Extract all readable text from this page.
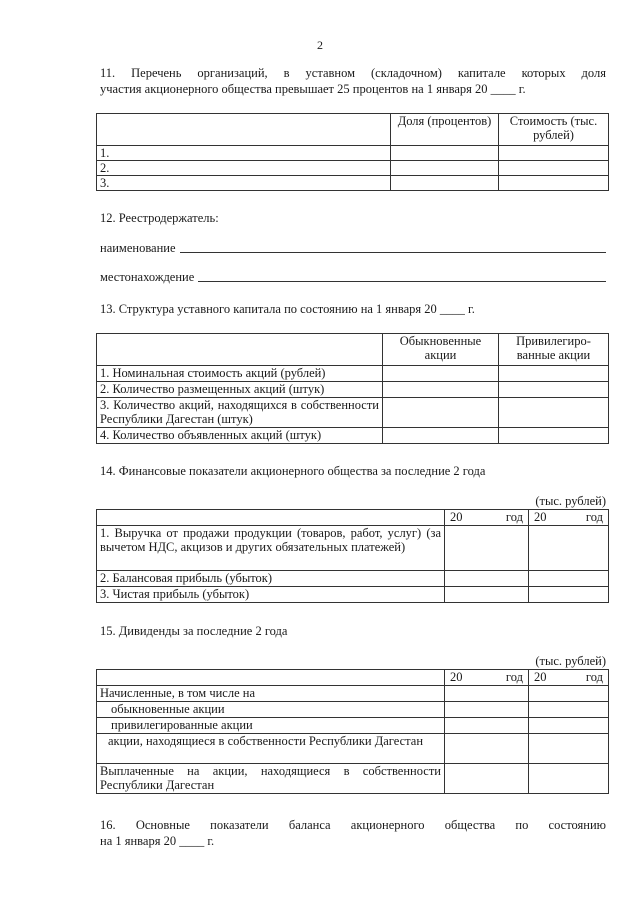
2
11. Перечень организаций, в уставном (складочном) капитале которых доля
участия акционерного общества превышает 25 процентов на 1 января 20 ____ г.
	Доля (процентов)	Стоимость (тыс. рублей)
1.		
2.		
3.		
12. Реестродержатель:
наименование
местонахождение
13. Структура уставного капитала по состоянию на 1 января 20 ____ г.
	Обыкновенные акции	Привилегиро-ванные акции
1. Номинальная стоимость акций (рублей)		
2. Количество размещенных акций (штук)		
3. Количество акций, находящихся в собственности Республики Дагестан (штук)		
4. Количество объявленных акций (штук)		
14. Финансовые показатели акционерного общества за последние 2 года
(тыс. рублей)

	20 год	20 год

1. Выручка от продажи продукции (товаров, работ, услуг) (за вычетом НДС, акцизов и других обязательных платежей)		
2. Балансовая прибыль (убыток)		
3. Чистая прибыль (убыток)		
15. Дивиденды за последние 2 года
(тыс. рублей)

	20 год	20 год

Начисленные, в том числе на		
обыкновенные акции		
привилегированные акции		
акции, находящиеся в собственности Республики Дагестан		
Выплаченные на акции, находящиеся в собственности Республики Дагестан		
16. Основные показатели баланса акционерного общества по состоянию
на 1 января 20 ____ г.
